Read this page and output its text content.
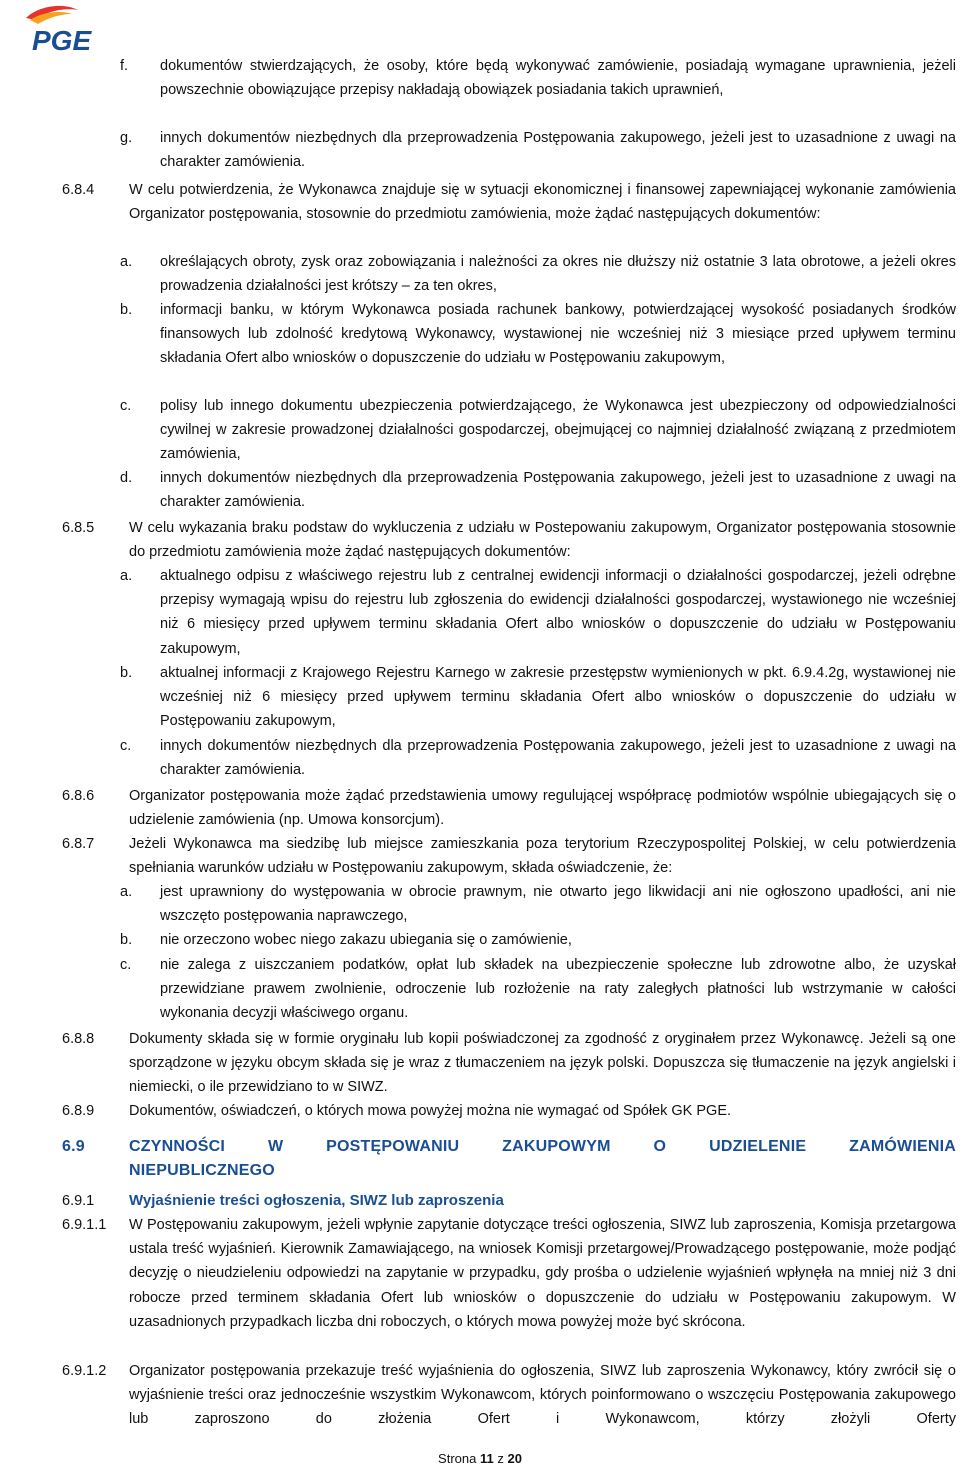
PGE
f. dokumentów stwierdzających, że osoby, które będą wykonywać zamówienie, posiadają wymagane uprawnienia, jeżeli powszechnie obowiązujące przepisy nakładają obowiązek posiadania takich uprawnień,
g. innych dokumentów niezbędnych dla przeprowadzenia Postępowania zakupowego, jeżeli jest to uzasadnione z uwagi na charakter zamówienia.
6.8.4 W celu potwierdzenia, że Wykonawca znajduje się w sytuacji ekonomicznej i finansowej zapewniającej wykonanie zamówienia Organizator postępowania, stosownie do przedmiotu zamówienia, może żądać następujących dokumentów:
a. określających obroty, zysk oraz zobowiązania i należności za okres nie dłuższy niż ostatnie 3 lata obrotowe, a jeżeli okres prowadzenia działalności jest krótszy – za ten okres,
b. informacji banku, w którym Wykonawca posiada rachunek bankowy, potwierdzającej wysokość posiadanych środków finansowych lub zdolność kredytową Wykonawcy, wystawionej nie wcześniej niż 3 miesiące przed upływem terminu składania Ofert albo wniosków o dopuszczenie do udziału w Postępowaniu zakupowym,
c. polisy lub innego dokumentu ubezpieczenia potwierdzającego, że Wykonawca jest ubezpieczony od odpowiedzialności cywilnej w zakresie prowadzonej działalności gospodarczej, obejmującej co najmniej działalność związaną z przedmiotem zamówienia,
d. innych dokumentów niezbędnych dla przeprowadzenia Postępowania zakupowego, jeżeli jest to uzasadnione z uwagi na charakter zamówienia.
6.8.5 W celu wykazania braku podstaw do wykluczenia z udziału w Postepowaniu zakupowym, Organizator postępowania stosownie do przedmiotu zamówienia może żądać następujących dokumentów:
a. aktualnego odpisu z właściwego rejestru lub z centralnej ewidencji informacji o działalności gospodarczej, jeżeli odrębne przepisy wymagają wpisu do rejestru lub zgłoszenia do ewidencji działalności gospodarczej, wystawionego nie wcześniej niż 6 miesięcy przed upływem terminu składania Ofert albo wniosków o dopuszczenie do udziału w Postępowaniu zakupowym,
b. aktualnej informacji z Krajowego Rejestru Karnego w zakresie przestępstw wymienionych w pkt. 6.9.4.2g, wystawionej nie wcześniej niż 6 miesięcy przed upływem terminu składania Ofert albo wniosków o dopuszczenie do udziału w Postępowaniu zakupowym,
c. innych dokumentów niezbędnych dla przeprowadzenia Postępowania zakupowego, jeżeli jest to uzasadnione z uwagi na charakter zamówienia.
6.8.6 Organizator postępowania może żądać przedstawienia umowy regulującej współpracę podmiotów wspólnie ubiegających się o udzielenie zamówienia (np. Umowa konsorcjum).
6.8.7 Jeżeli Wykonawca ma siedzibę lub miejsce zamieszkania poza terytorium Rzeczypospolitej Polskiej, w celu potwierdzenia spełniania warunków udziału w Postępowaniu zakupowym, składa oświadczenie, że:
a. jest uprawniony do występowania w obrocie prawnym, nie otwarto jego likwidacji ani nie ogłoszono upadłości, ani nie wszczęto postępowania naprawczego,
b. nie orzeczono wobec niego zakazu ubiegania się o zamówienie,
c. nie zalega z uiszczaniem podatków, opłat lub składek na ubezpieczenie społeczne lub zdrowotne albo, że uzyskał przewidziane prawem zwolnienie, odroczenie lub rozłożenie na raty zaległych płatności lub wstrzymanie w całości wykonania decyzji właściwego organu.
6.8.8 Dokumenty składa się w formie oryginału lub kopii poświadczonej za zgodność z oryginałem przez Wykonawcę. Jeżeli są one sporządzone w języku obcym składa się je wraz z tłumaczeniem na język polski. Dopuszcza się tłumaczenie na język angielski i niemiecki, o ile przewidziano to w SIWZ.
6.8.9 Dokumentów, oświadczeń, o których mowa powyżej można nie wymagać od Spółek GK PGE.
6.9	CZYNNOŚCI W POSTĘPOWANIU ZAKUPOWYM O UDZIELENIE ZAMÓWIENIA
NIEPUBLICZNEGO
6.9.1 Wyjaśnienie treści ogłoszenia, SIWZ lub zaproszenia
6.9.1.1 W Postępowaniu zakupowym, jeżeli wpłynie zapytanie dotyczące treści ogłoszenia, SIWZ lub zaproszenia, Komisja przetargowa ustala treść wyjaśnień. Kierownik Zamawiającego, na wniosek Komisji przetargowej/Prowadzącego postępowanie, może podjąć decyzję o nieudzieleniu odpowiedzi na zapytanie w przypadku, gdy prośba o udzielenie wyjaśnień wpłynęła na mniej niż 3 dni robocze przed terminem składania Ofert lub wniosków o dopuszczenie do udziału w Postępowaniu zakupowym. W uzasadnionych przypadkach liczba dni roboczych, o których mowa powyżej może być skrócona.
6.9.1.2 Organizator postępowania przekazuje treść wyjaśnienia do ogłoszenia, SIWZ lub zaproszenia Wykonawcy, który zwrócił się o wyjaśnienie treści oraz jednocześnie wszystkim Wykonawcom, których poinformowano o wszczęciu Postępowania zakupowego lub zaproszono do złożenia Ofert i Wykonawcom, którzy złożyli Oferty
Strona 11 z 20
